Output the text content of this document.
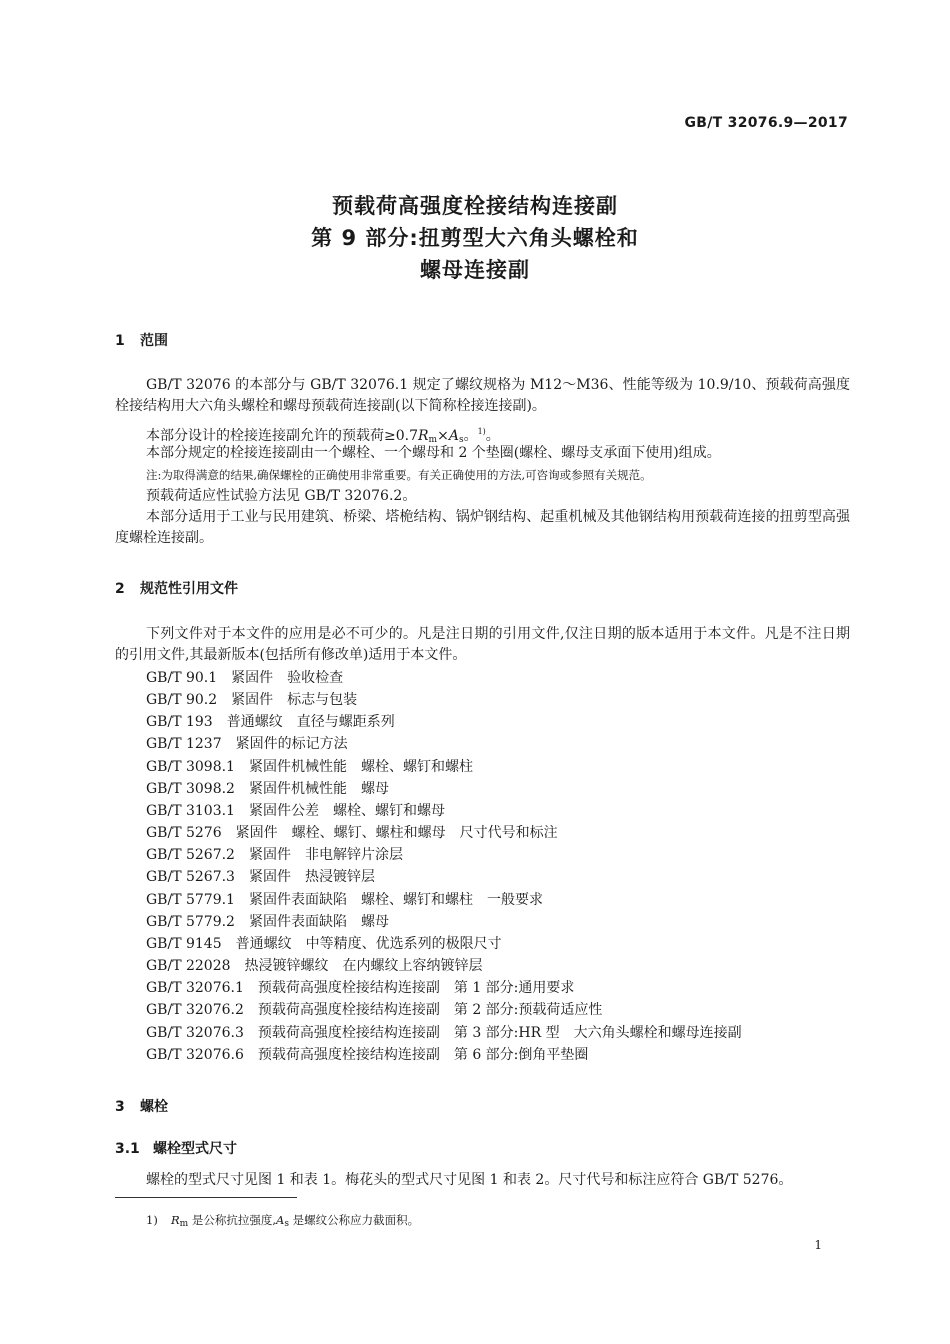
GB/T 32076.9—2017
预载荷高强度栓接结构连接副
第 9 部分:扭剪型大六角头螺栓和
螺母连接副
1 范围
GB/T 32076 的本部分与 GB/T 32076.1 规定了螺纹规格为 M12～M36、性能等级为 10.9/10、预载荷高强度栓接结构用大六角头螺栓和螺母预载荷连接副(以下简称栓接连接副)。
本部分设计的栓接连接副允许的预载荷$\ge 0.7R_m\times A_s$。$^{1)}$。
本部分规定的栓接连接副由一个螺栓、一个螺母和 2 个垫圈(螺栓、螺母支承面下使用)组成。
注:为取得满意的结果,确保螺栓的正确使用非常重要。有关正确使用的方法,可咨询或参照有关规范。
预载荷适应性试验方法见 GB/T 32076.2。
本部分适用于工业与民用建筑、桥梁、塔桅结构、锅炉钢结构、起重机械及其他钢结构用预载荷连接的扭剪型高强度螺栓连接副。
2 规范性引用文件
下列文件对于本文件的应用是必不可少的。凡是注日期的引用文件,仅注日期的版本适用于本文件。凡是不注日期的引用文件,其最新版本(包括所有修改单)适用于本文件。
GB/T 90.1 紧固件 验收检查
GB/T 90.2 紧固件 标志与包装
GB/T 193 普通螺纹 直径与螺距系列
GB/T 1237 紧固件的标记方法
GB/T 3098.1 紧固件机械性能 螺栓、螺钉和螺柱
GB/T 3098.2 紧固件机械性能 螺母
GB/T 3103.1 紧固件公差 螺栓、螺钉和螺母
GB/T 5276 紧固件 螺栓、螺钉、螺柱和螺母 尺寸代号和标注
GB/T 5267.2 紧固件 非电解锌片涂层
GB/T 5267.3 紧固件 热浸镀锌层
GB/T 5779.1 紧固件表面缺陷 螺栓、螺钉和螺柱 一般要求
GB/T 5779.2 紧固件表面缺陷 螺母
GB/T 9145 普通螺纹 中等精度、优选系列的极限尺寸
GB/T 22028 热浸镀锌螺纹 在内螺纹上容纳镀锌层
GB/T 32076.1 预载荷高强度栓接结构连接副 第 1 部分:通用要求
GB/T 32076.2 预载荷高强度栓接结构连接副 第 2 部分:预载荷适应性
GB/T 32076.3 预载荷高强度栓接结构连接副 第 3 部分:HR 型 大六角头螺栓和螺母连接副
GB/T 32076.6 预载荷高强度栓接结构连接副 第 6 部分:倒角平垫圈
3 螺栓
3.1 螺栓型式尺寸
螺栓的型式尺寸见图 1 和表 1。梅花头的型式尺寸见图 1 和表 2。尺寸代号和标注应符合 GB/T 5276。
1) $R_m$ 是公称抗拉强度$,A_s$ 是螺纹公称应力截面积。
1
